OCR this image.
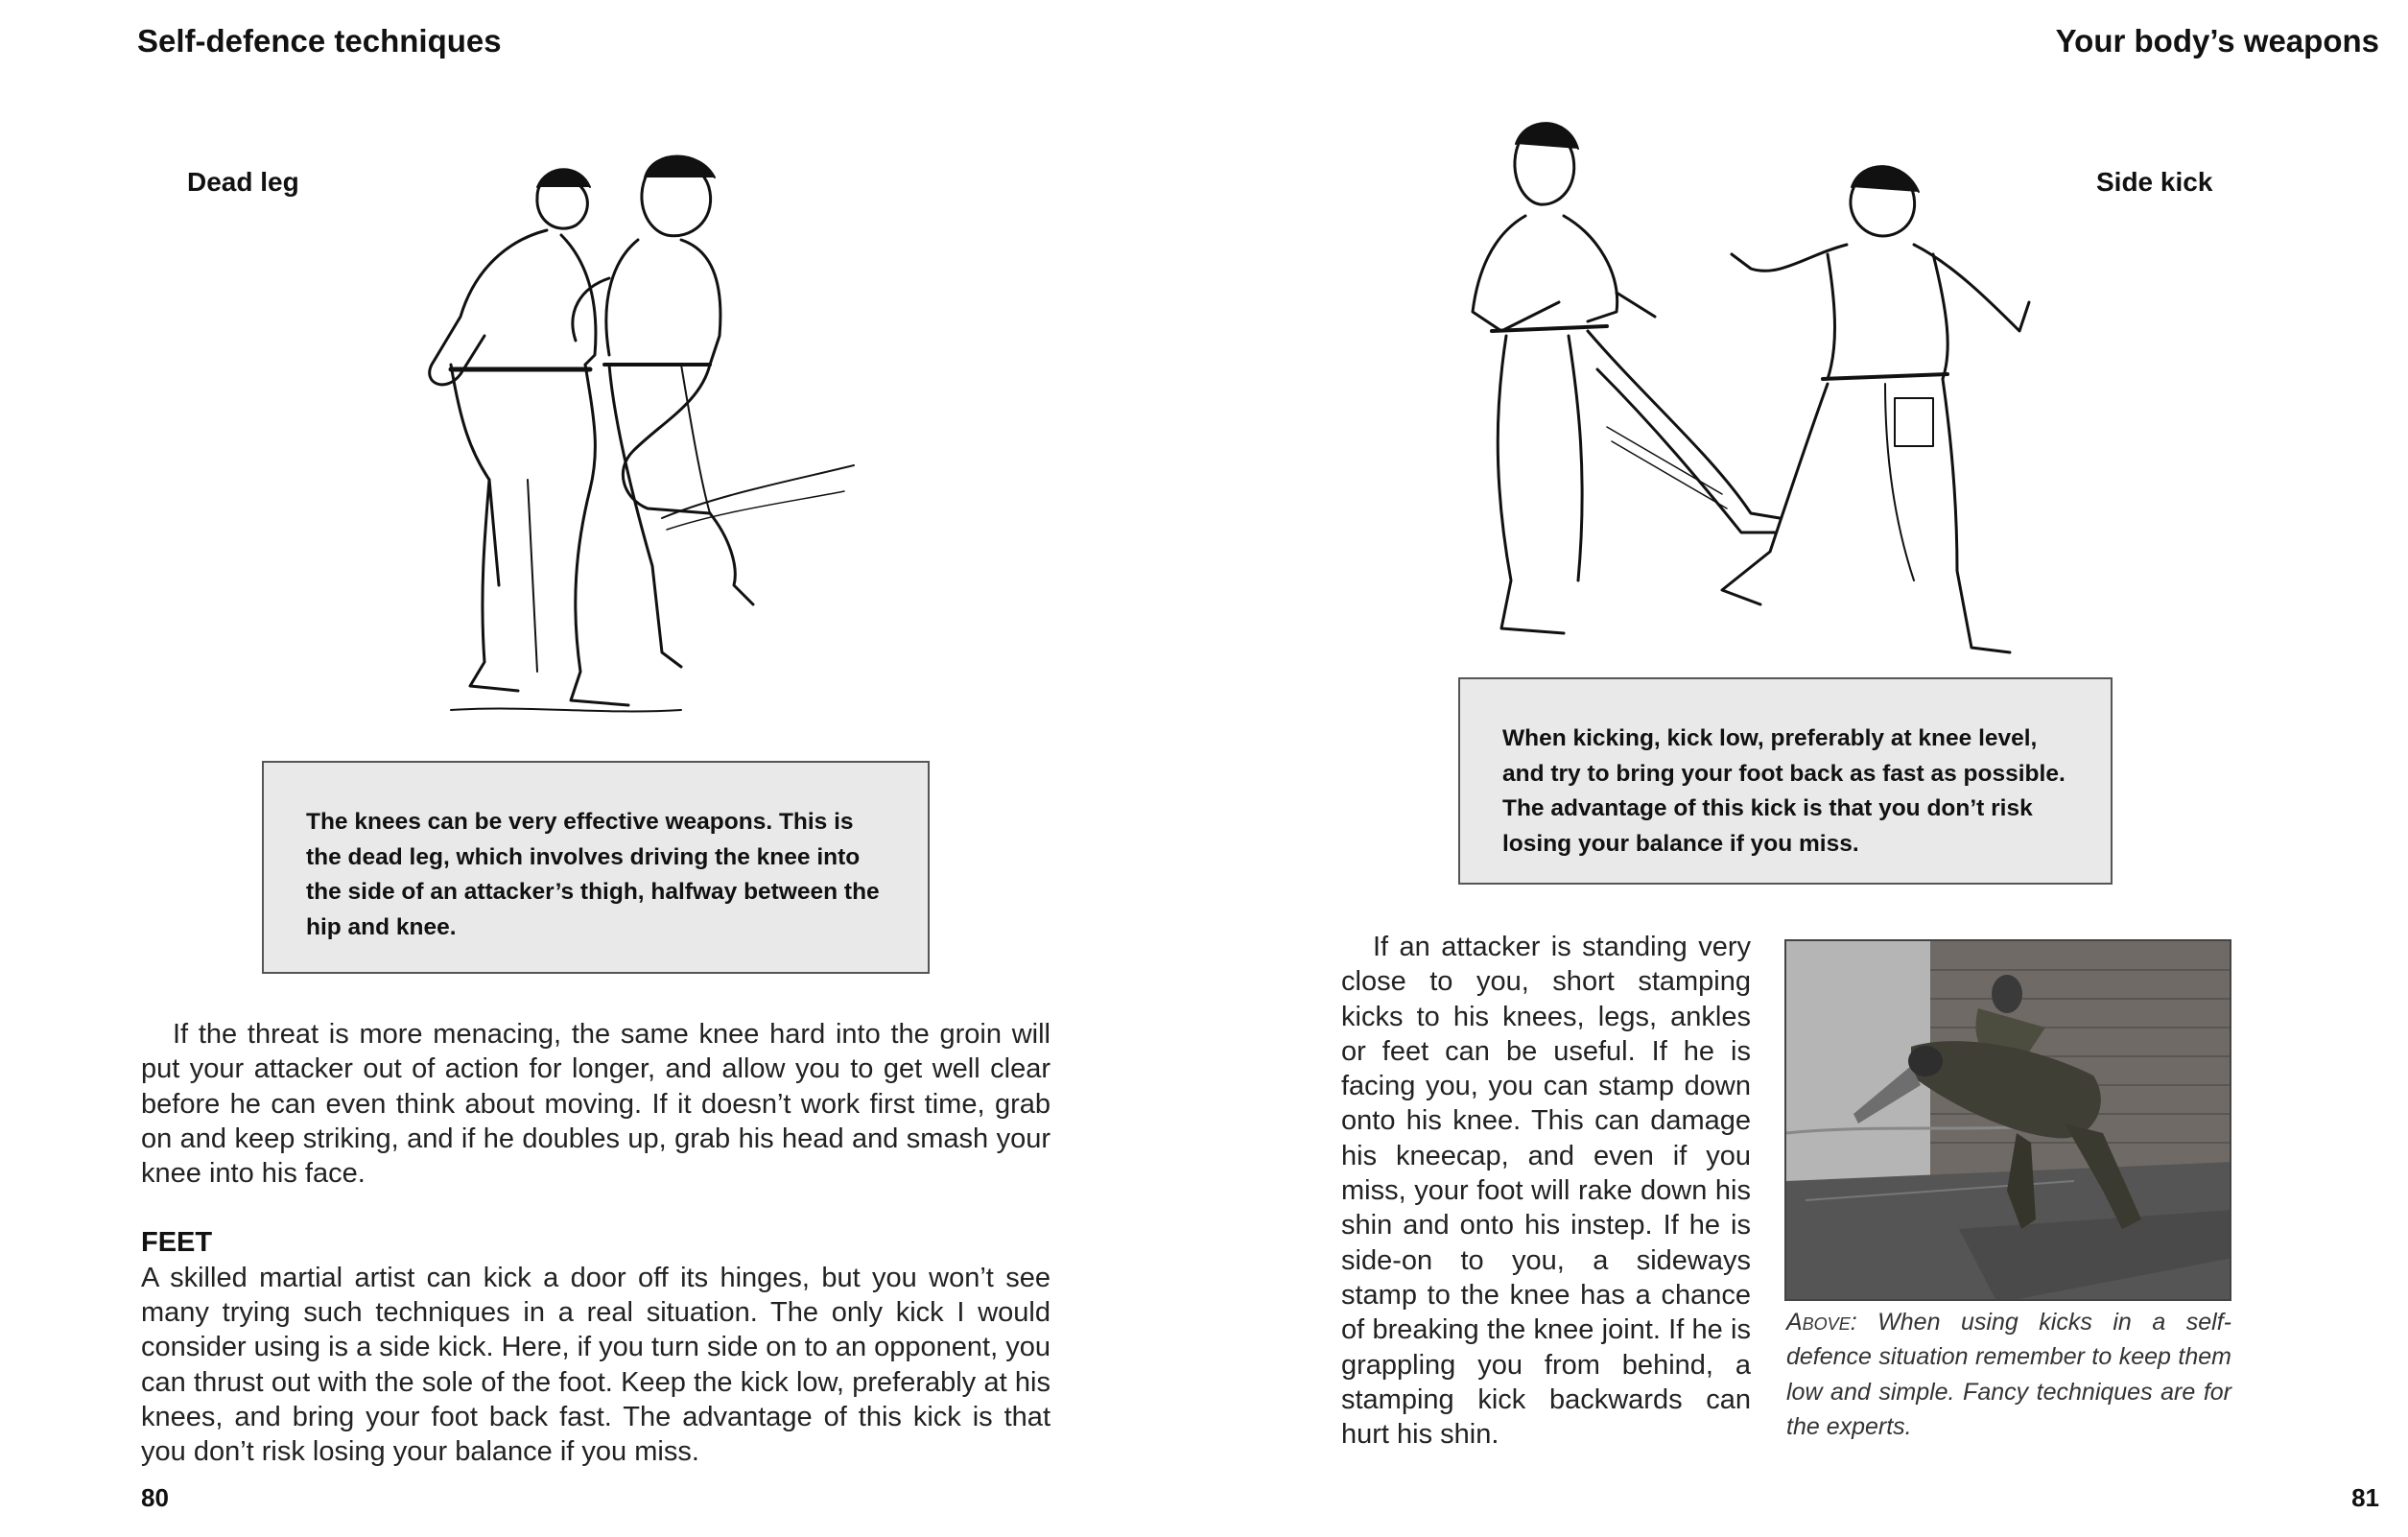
Self-defence techniques
Dead leg

The knees can be very effective weapons. This is the dead leg, which involves driving the knee into the side of an attacker’s thigh, halfway between the hip and knee.

If the threat is more menacing, the same knee hard into the groin will put your attacker out of action for longer, and allow you to get well clear before he can even think about moving. If it doesn’t work first time, grab on and keep striking, and if he doubles up, grab his head and smash your knee into his face.

FEET

A skilled martial artist can kick a door off its hinges, but you won’t see many trying such techniques in a real situation. The only kick I would consider using is a side kick. Here, if you turn side on to an opponent, you can thrust out with the sole of the foot. Keep the kick low, preferably at his knees, and bring your foot back fast. The advantage of this kick is that you don’t risk losing your balance if you miss.

80
Your body’s weapons
Side kick

When kicking, kick low, preferably at knee level, and try to bring your foot back as fast as possible. The advantage of this kick is that you don’t risk losing your balance if you miss.

If an attacker is standing very close to you, short stamping kicks to his knees, legs, ankles or feet can be useful. If he is facing you, you can stamp down onto his knee. This can damage his kneecap, and even if you miss, your foot will rake down his shin and onto his instep. If he is side-on to you, a sideways stamp to the knee has a chance of breaking the knee joint. If he is grappling you from behind, a stamping kick backwards can hurt his shin.

Above: When using kicks in a self-defence situation remember to keep them low and simple. Fancy techniques are for the experts.
81
